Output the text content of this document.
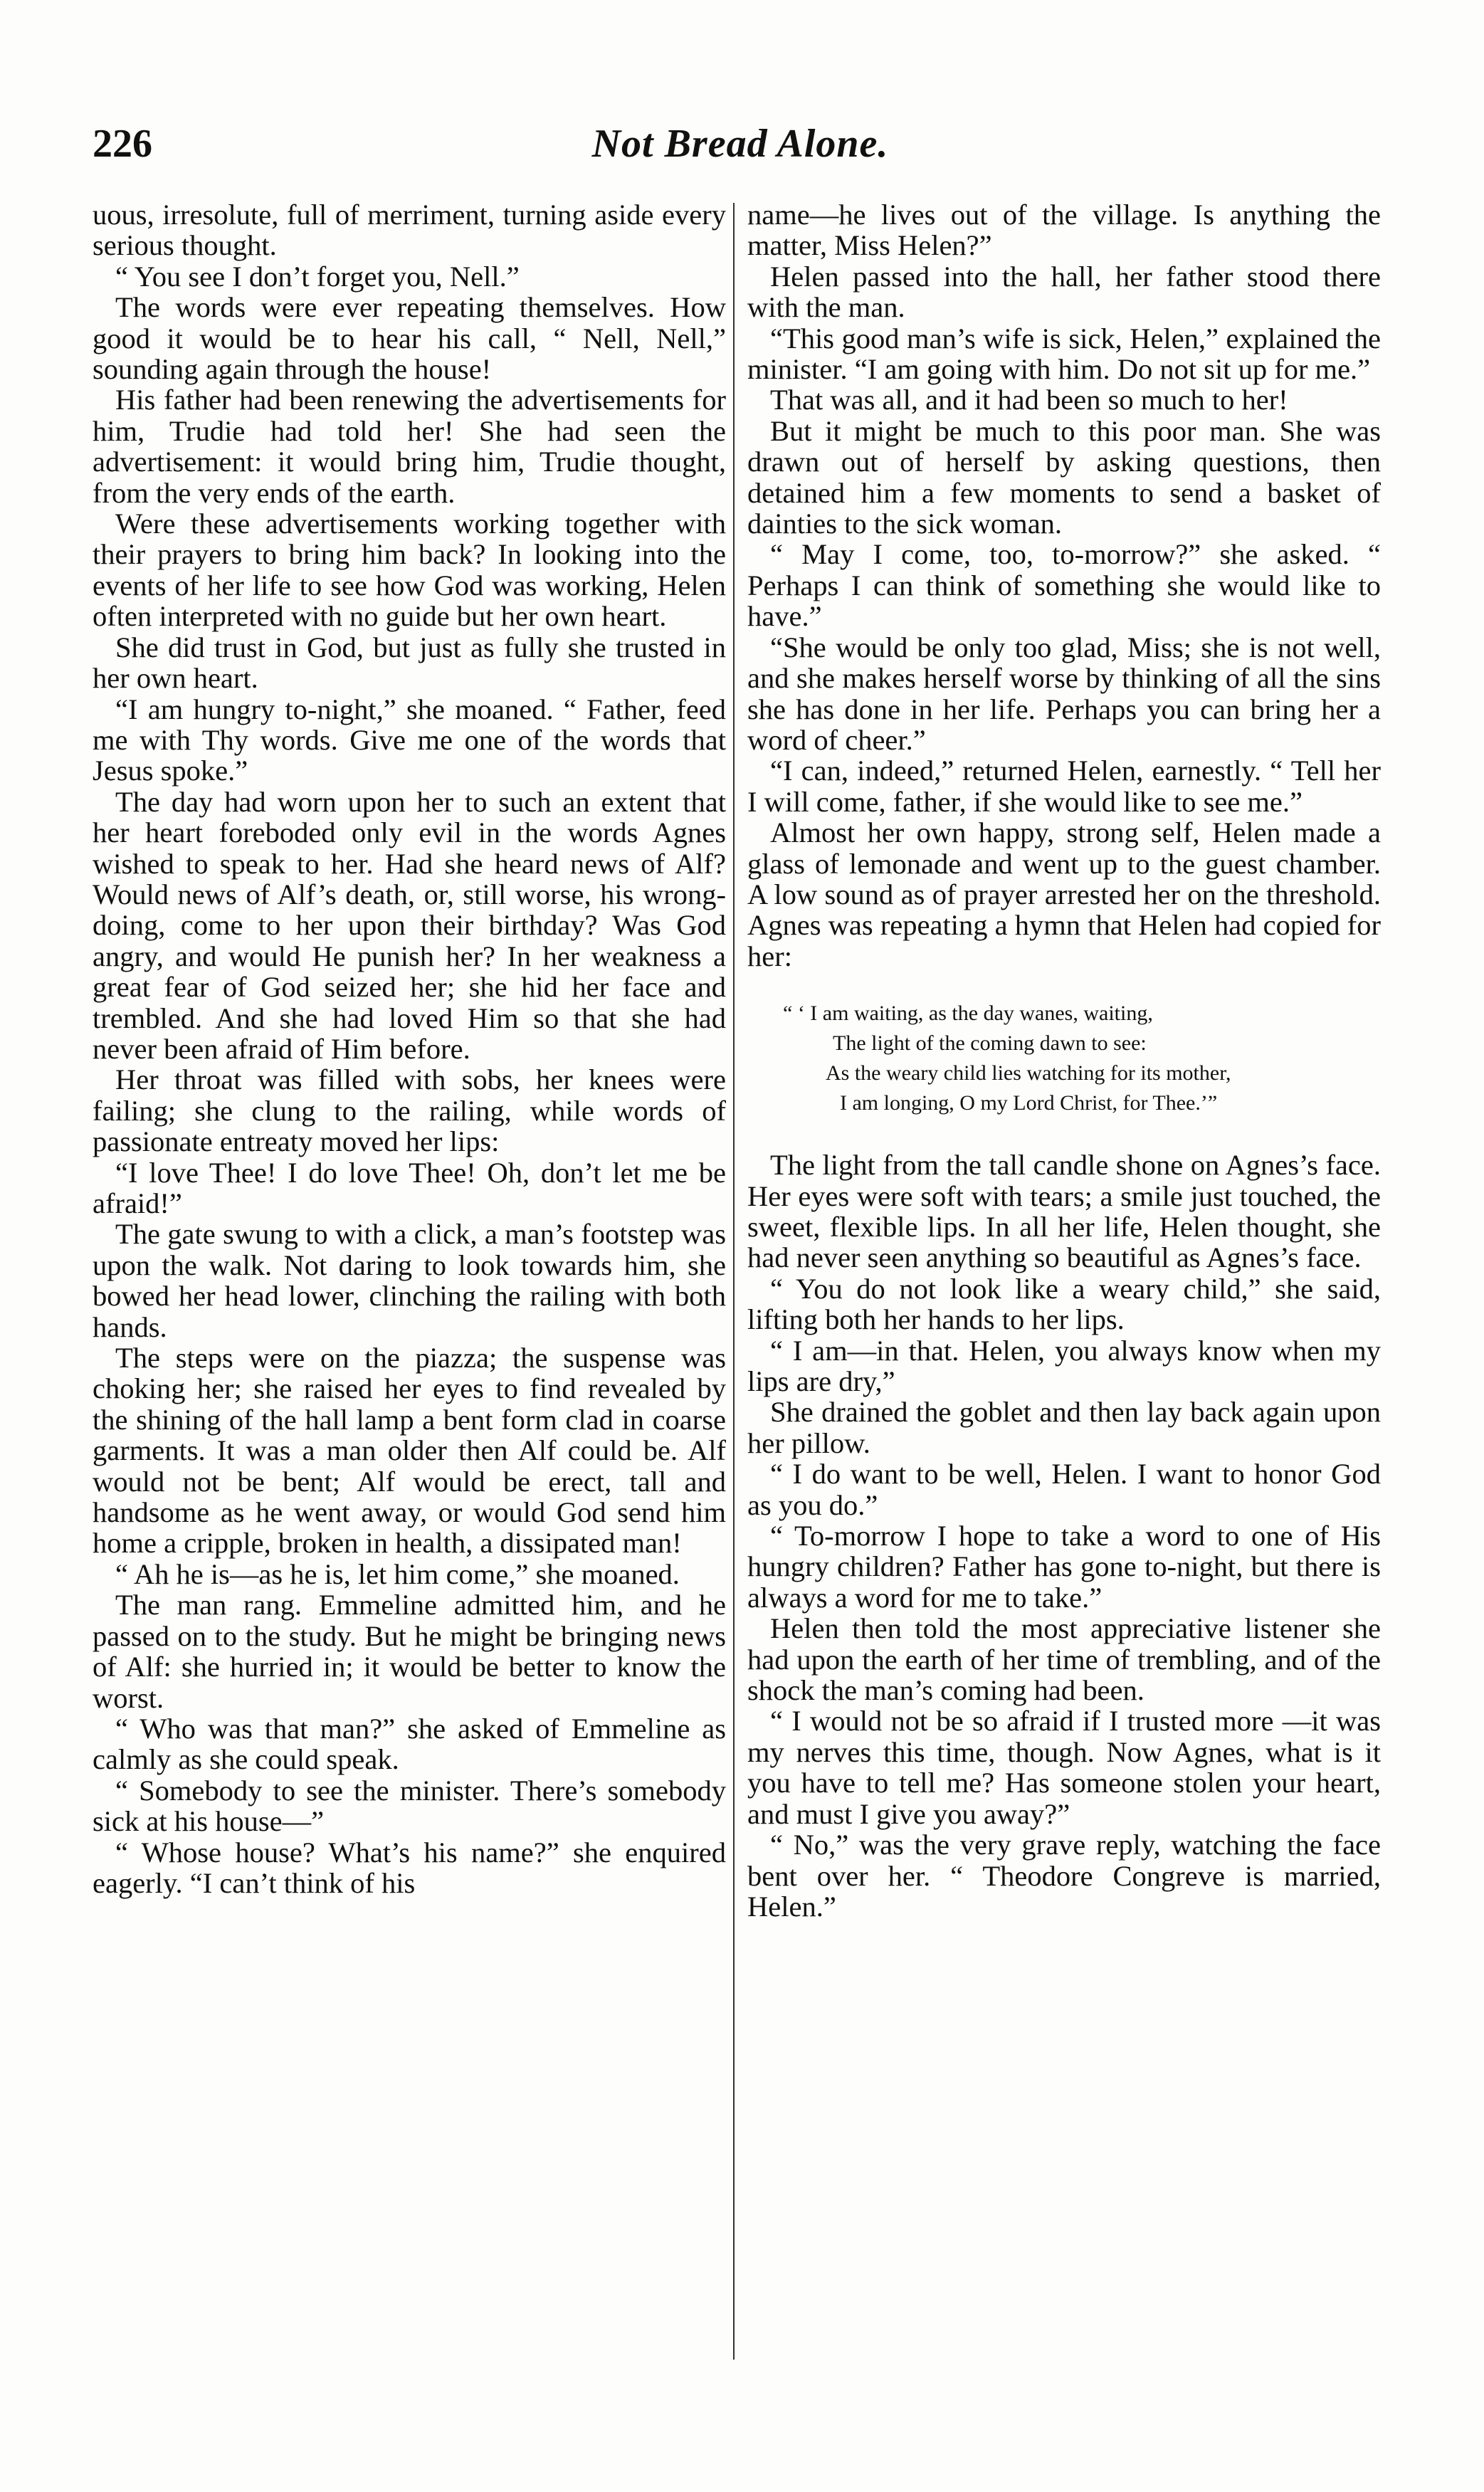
226	Not Bread Alone.

uous, irresolute, full of merriment, turning aside every serious thought.

“ You see I don’t forget you, Nell.”

The words were ever repeating themselves. How good it would be to hear his call, “ Nell, Nell,” sounding again through the house!

His father had been renewing the advertisements for him, Trudie had told her! She had seen the advertisement: it would bring him, Trudie thought, from the very ends of the earth.

Were these advertisements working together with their prayers to bring him back? In looking into the events of her life to see how God was working, Helen often interpreted with no guide but her own heart.

She did trust in God, but just as fully she trusted in her own heart.

“I am hungry to-night,” she moaned. “ Father, feed me with Thy words. Give me one of the words that Jesus spoke.”

The day had worn upon her to such an extent that her heart foreboded only evil in the words Agnes wished to speak to her. Had she heard news of Alf? Would news of Alf’s death, or, still worse, his wrong-doing, come to her upon their birthday? Was God angry, and would He punish her? In her weakness a great fear of God seized her; she hid her face and trembled. And she had loved Him so that she had never been afraid of Him before.

Her throat was filled with sobs, her knees were failing; she clung to the railing, while words of passionate entreaty moved her lips:

“I love Thee! I do love Thee! Oh, don’t let me be afraid!”

The gate swung to with a click, a man’s footstep was upon the walk. Not daring to look towards him, she bowed her head lower, clinching the railing with both hands.

The steps were on the piazza; the suspense was choking her; she raised her eyes to find revealed by the shining of the hall lamp a bent form clad in coarse garments. It was a man older then Alf could be. Alf would not be bent; Alf would be erect, tall and handsome as he went away, or would God send him home a cripple, broken in health, a dissipated man!

“ Ah he is—as he is, let him come,” she moaned.

The man rang. Emmeline admitted him, and he passed on to the study. But he might be bringing news of Alf: she hurried in; it would be better to know the worst.

“ Who was that man?” she asked of Emmeline as calmly as she could speak.

“ Somebody to see the minister. There’s somebody sick at his house—”

“ Whose house? What’s his name?” she enquired eagerly. “I can’t think of his

name—he lives out of the village. Is anything the matter, Miss Helen?”

Helen passed into the hall, her father stood there with the man.

“This good man’s wife is sick, Helen,” explained the minister. “I am going with him. Do not sit up for me.”

That was all, and it had been so much to her!

But it might be much to this poor man. She was drawn out of herself by asking questions, then detained him a few moments to send a basket of dainties to the sick woman.

“ May I come, too, to-morrow?” she asked. “ Perhaps I can think of something she would like to have.”

“She would be only too glad, Miss; she is not well, and she makes herself worse by thinking of all the sins she has done in her life. Perhaps you can bring her a word of cheer.”

“I can, indeed,” returned Helen, earnestly. “ Tell her I will come, father, if she would like to see me.”

Almost her own happy, strong self, Helen made a glass of lemonade and went up to the guest chamber. A low sound as of prayer arrested her on the threshold. Agnes was repeating a hymn that Helen had copied for her:

“ ‘ I am waiting, as the day wanes, waiting,
The light of the coming dawn to see:
As the weary child lies watching for its mother,
I am longing, O my Lord Christ, for Thee.’”

The light from the tall candle shone on Agnes’s face. Her eyes were soft with tears; a smile just touched, the sweet, flexible lips. In all her life, Helen thought, she had never seen anything so beautiful as Agnes’s face.

“ You do not look like a weary child,” she said, lifting both her hands to her lips.

“ I am—in that. Helen, you always know when my lips are dry,”

She drained the goblet and then lay back again upon her pillow.

“ I do want to be well, Helen. I want to honor God as you do.”

“ To-morrow I hope to take a word to one of His hungry children? Father has gone to-night, but there is always a word for me to take.”

Helen then told the most appreciative listener she had upon the earth of her time of trembling, and of the shock the man’s coming had been.

“ I would not be so afraid if I trusted more —it was my nerves this time, though. Now Agnes, what is it you have to tell me? Has someone stolen your heart, and must I give you away?”

“ No,” was the very grave reply, watching the face bent over her. “ Theodore Congreve is married, Helen.”
